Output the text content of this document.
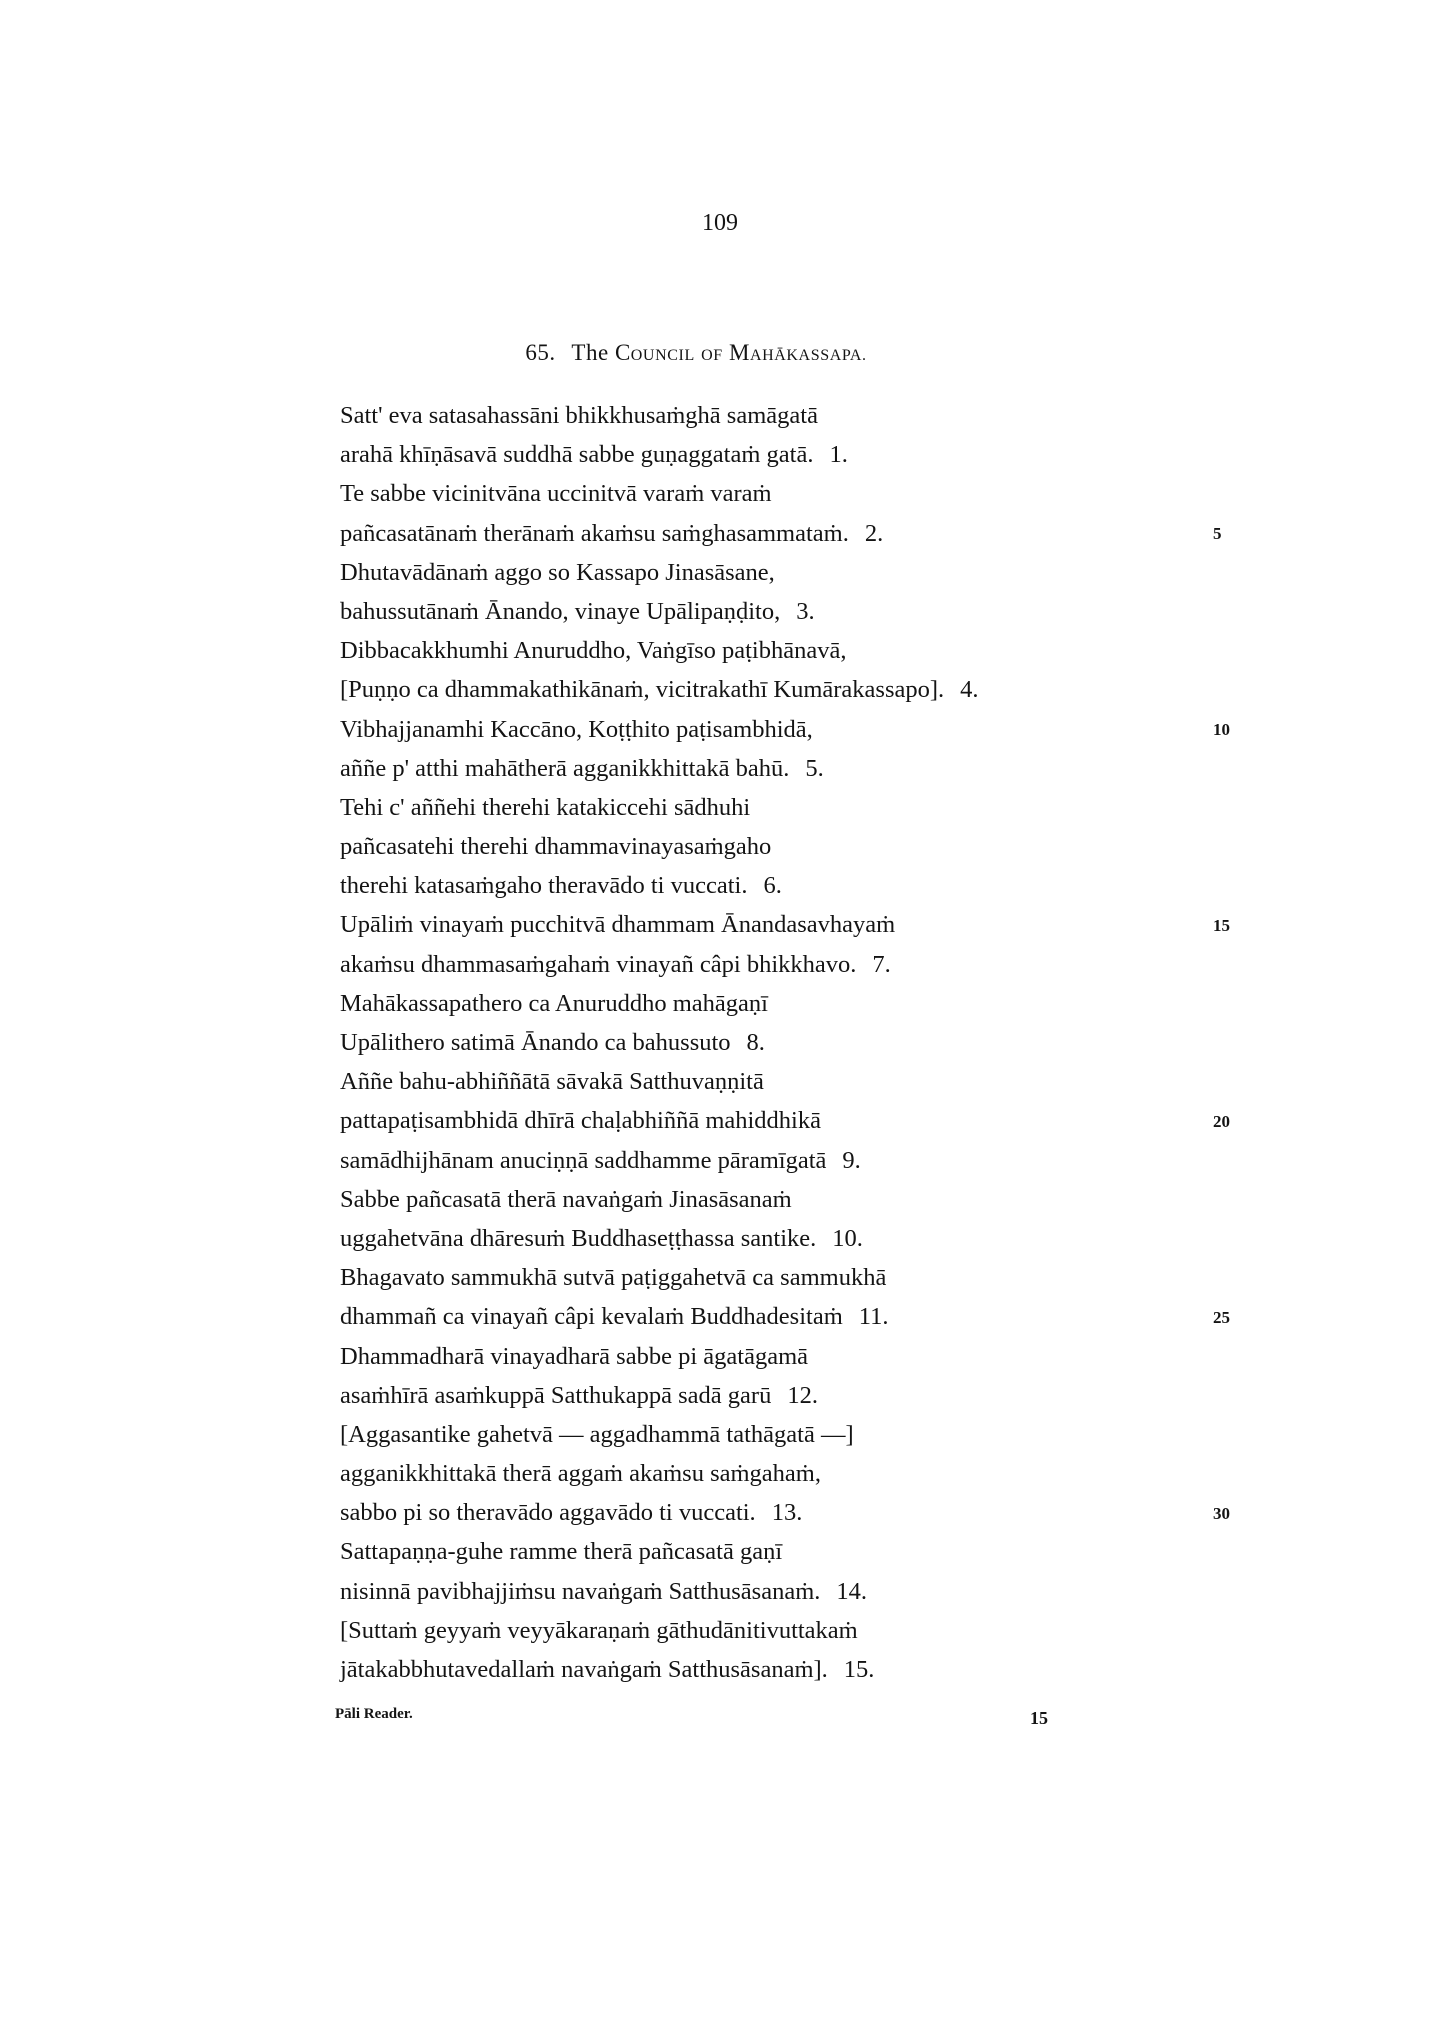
109
65. The COUNCIL OF MAHĀKASSAPA.
Satt' eva satasahassāni bhikkhusaṁghā samāgatā
arahā khīṇāsavā suddhā sabbe guṇaggataṁ gatā. 1.
Te sabbe vicinitvāna uccinitvā varaṁ varaṁ
pañcasatānaṁ therānaṁ akaṁsu saṁghasammataṁ. 2.
Dhutavādānaṁ aggo so Kassapo Jinasāsane,
bahussutānaṁ Ānando, vinaye Upālipaṇḍito, 3.
Dibbacakkhumhi Anuruddho, Vaṅgīso paṭibhānavā,
[Puṇṇo ca dhammakathikānaṁ, vicitrakathī Kumārakassapo]. 4.
Vibhajjanamhi Kaccāno, Koṭṭhito paṭisambhidā,
aññe p' atthi mahātherā agganikkhittakā bahū. 5.
Tehi c' aññehi therehi katakiccehi sādhuhi
pañcasatehi therehi dhammavinayasaṁgaho
therehi katasaṁgaho theravādo ti vuccati. 6.
Upāliṁ vinayaṁ pucchitvā dhammam Ānandasavhayaṁ
akaṁsu dhammasaṁgahaṁ vinayañ câpi bhikkhavo. 7.
Mahākassapathero ca Anuruddho mahāgaṇī
Upālithero satimā Ānando ca bahussuto 8.
Aññe bahu-abhiññātā sāvakā Satthuvaṇṇitā
pattapaṭisambhidā dhīrā chaḷabhiññā mahiddhikā
samādhijhānam anuciṇṇā saddhamme pāramīgatā 9.
Sabbe pañcasatā therā navaṅgaṁ Jinasāsanaṁ
uggahetvāna dhāresuṁ Buddhaseṭṭhassa santike. 10.
Bhagavato sammukhā sutvā paṭiggahetvā ca sammukhā
dhammañ ca vinayañ câpi kevalaṁ Buddhadesitaṁ 11.
Dhammadharā vinayadharā sabbe pi āgatāgamā
asaṁhīrā asaṁkuppā Satthukappā sadā garū 12.
[Aggasantike gahetvā — aggadhammā tathāgatā —]
agganikkhittakā therā aggaṁ akaṁsu saṁgahaṁ,
sabbo pi so theravādo aggavādo ti vuccati. 13.
Sattapaṇṇa-guhe ramme therā pañcasatā gaṇī
nisinnā pavibhajjiṁsu navaṅgaṁ Satthusāsanaṁ. 14.
[Suttaṁ geyyaṁ veyyākaraṇaṁ gāthudānitivuttakaṁ
jātakabbhutavedallaṁ navaṅgaṁ Satthusāsanaṁ]. 15.
Pāli Reader.	15
5
10
15
20
25
30
